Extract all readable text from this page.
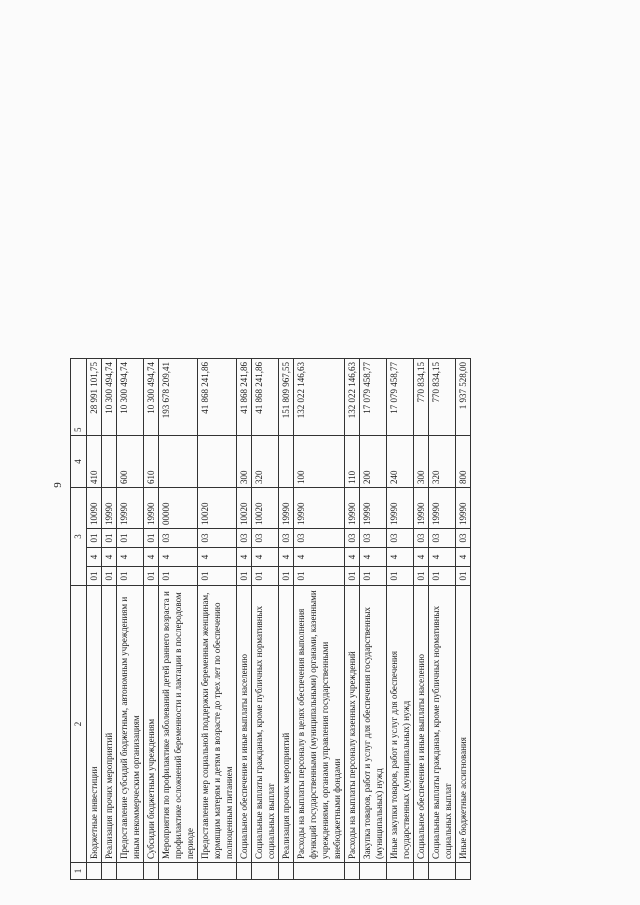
9
1	2	3				4	5
	Бюджетные инвестиции	01	4	01	10090	410	28 991 101,75
	Реализация прочих мероприятий	01	4	01	19990		10 300 494,74
	Предоставление субсидий бюджетным, автономным учреждениям и иным некоммерческим организациям	01	4	01	19990	600	10 300 494,74
	Субсидии бюджетным учреждениям	01	4	01	19990	610	10 300 494,74
	Мероприятия по профилактике заболеваний детей раннего возраста и профилактике осложнений беременности и лактации в послеродовом периоде	01	4	03	00000		193 678 209,41
	Предоставление мер социальной поддержки беременным женщинам, кормящим матерям и детям в возрасте до трех лет по обеспечению полноценным питанием	01	4	03	10020		41 868 241,86
	Социальное обеспечение и иные выплаты населению	01	4	03	10020	300	41 868 241,86
	Социальные выплаты гражданам, кроме публичных нормативных социальных выплат	01	4	03	10020	320	41 868 241,86
	Реализация прочих мероприятий	01	4	03	19990		151 809 967,55
	Расходы на выплаты персоналу в целях обеспечения выполнения функций государственными (муниципальными) органами, казенными учреждениями, органами управления государственными внебюджетными фондами	01	4	03	19990	100	132 022 146,63
	Расходы на выплаты персоналу казенных учреждений	01	4	03	19990	110	132 022 146,63
	Закупка товаров, работ и услуг для обеспечения государственных (муниципальных) нужд	01	4	03	19990	200	17 079 458,77
	Иные закупки товаров, работ и услуг для обеспечения государственных (муниципальных) нужд	01	4	03	19990	240	17 079 458,77
	Социальное обеспечение и иные выплаты населению	01	4	03	19990	300	770 834,15
	Социальные выплаты гражданам, кроме публичных нормативных социальных выплат	01	4	03	19990	320	770 834,15
	Иные бюджетные ассигнования	01	4	03	19990	800	1 937 528,00
